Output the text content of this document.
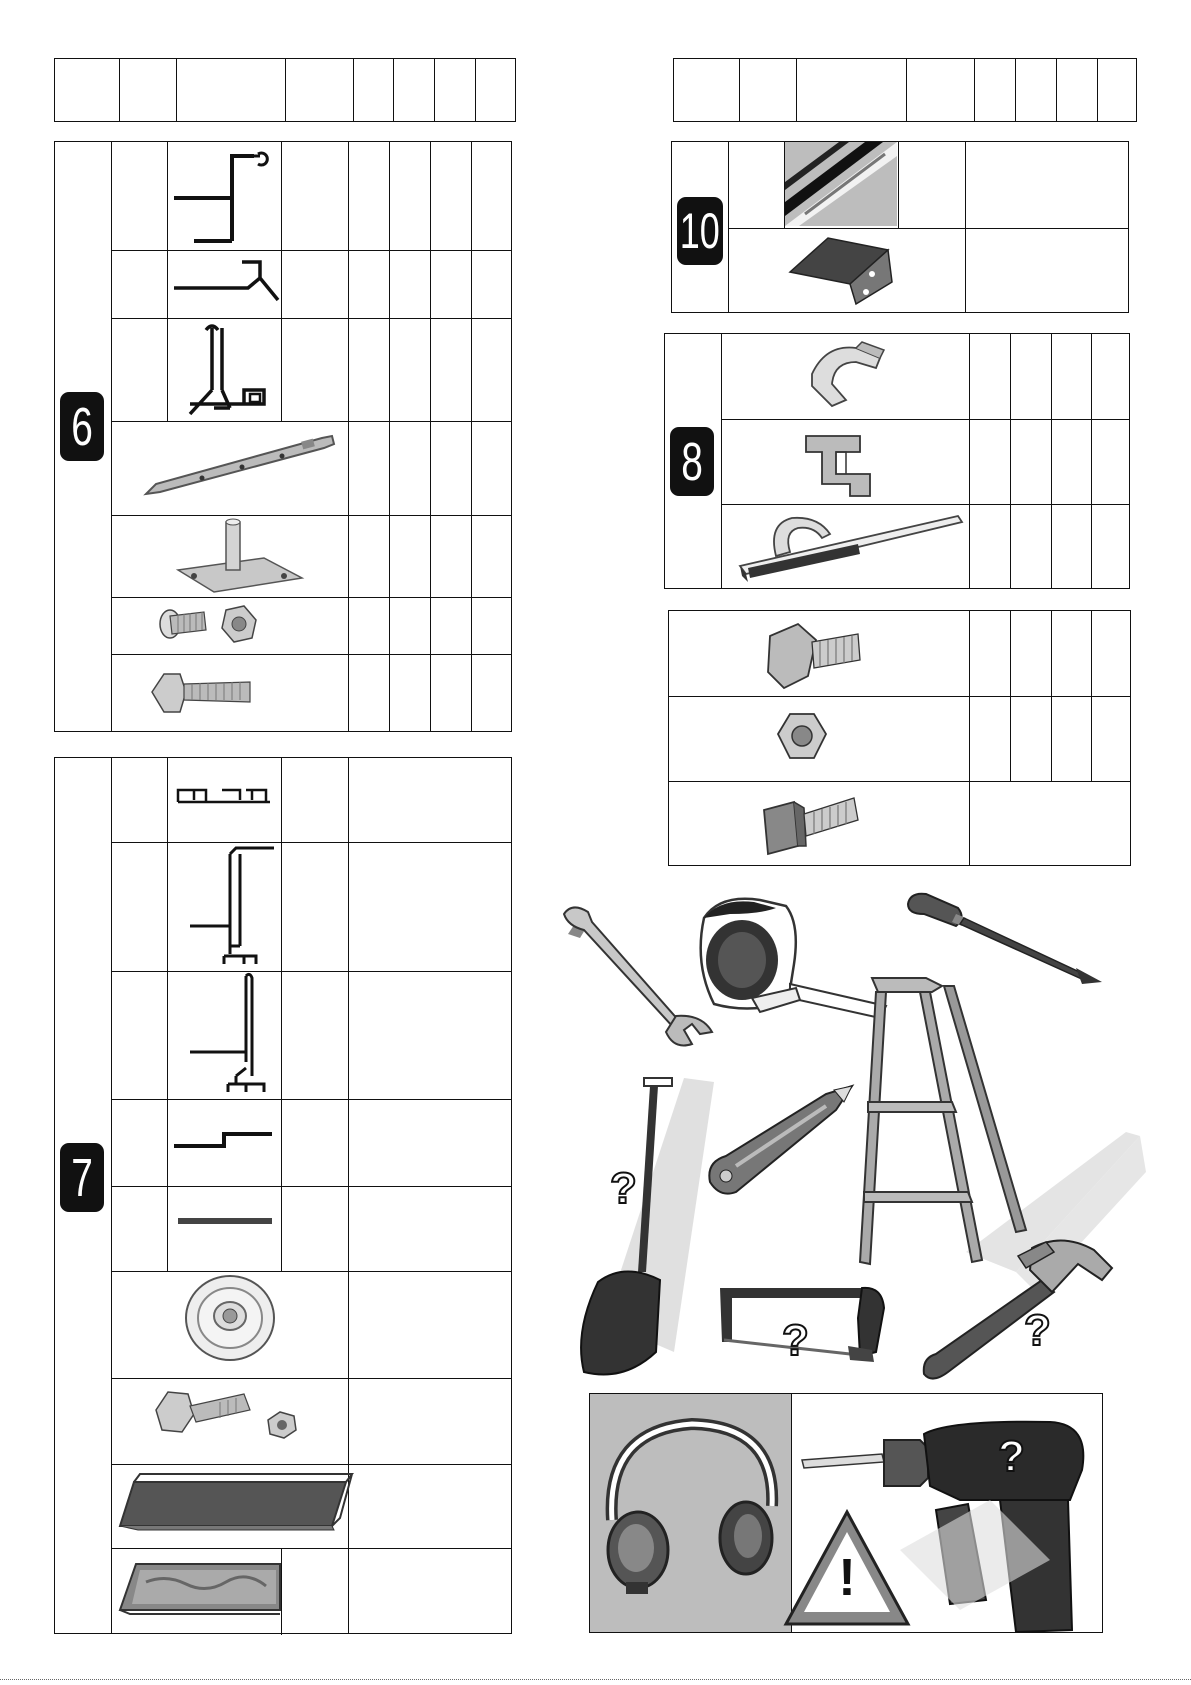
6
7
10
8
?
?	?
!
?
